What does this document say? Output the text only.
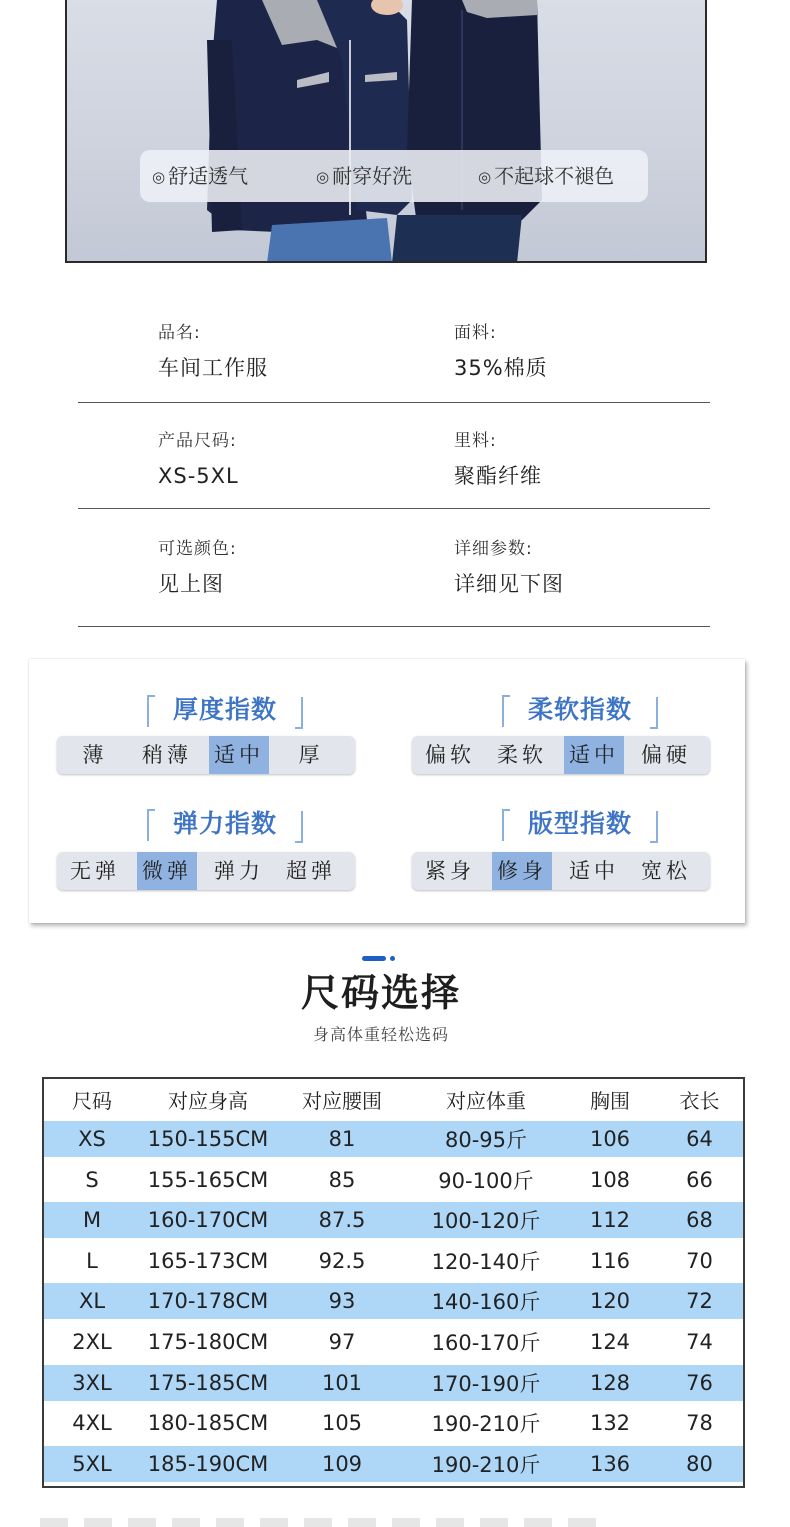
◎ 舒适透气	◎ 耐穿好洗	◎ 不起球不褪色
品名:
车间工作服
面料:
35%棉质
产品尺码:
XS-5XL
里料:
聚酯纤维
可选颜色:
见上图
详细参数:
详细见下图
厚度指数
薄	稍薄 适中	厚
柔软指数
偏软 柔软 适中 偏硬
弹力指数
无弹 微弹 弹力 超弹
版型指数
紧身 修身 适中 宽松
尺码选择
身高体重轻松选码
尺码	对应身高	对应腰围	对应体重	胸围	衣长
XS	150-155CM	81	80-95斤	106	64
S	155-165CM	85	90-100斤	108	66
M	160-170CM	87.5	100-120斤	112	68
L	165-173CM	92.5	120-140斤	116	70
XL	170-178CM	93	140-160斤	120	72
2XL	175-180CM	97	160-170斤	124	74
3XL	175-185CM	101	170-190斤	128	76
4XL	180-185CM	105	190-210斤	132	78
5XL	185-190CM	109	190-210斤	136	80
